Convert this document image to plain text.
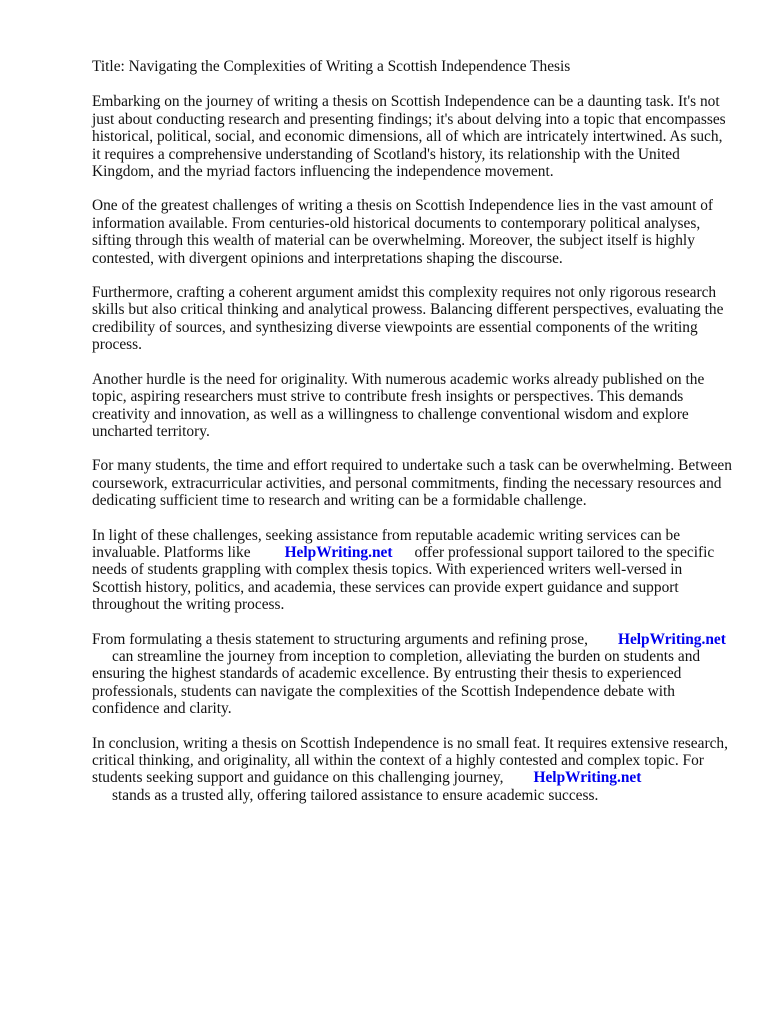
Title: Navigating the Complexities of Writing a Scottish Independence Thesis

Embarking on the journey of writing a thesis on Scottish Independence can be a daunting task. It's not just about conducting research and presenting findings; it's about delving into a topic that encompasses historical, political, social, and economic dimensions, all of which are intricately intertwined. As such, it requires a comprehensive understanding of Scotland's history, its relationship with the United Kingdom, and the myriad factors influencing the independence movement.

One of the greatest challenges of writing a thesis on Scottish Independence lies in the vast amount of information available. From centuries-old historical documents to contemporary political analyses, sifting through this wealth of material can be overwhelming. Moreover, the subject itself is highly contested, with divergent opinions and interpretations shaping the discourse.

Furthermore, crafting a coherent argument amidst this complexity requires not only rigorous research skills but also critical thinking and analytical prowess. Balancing different perspectives, evaluating the credibility of sources, and synthesizing diverse viewpoints are essential components of the writing process.

Another hurdle is the need for originality. With numerous academic works already published on the topic, aspiring researchers must strive to contribute fresh insights or perspectives. This demands creativity and innovation, as well as a willingness to challenge conventional wisdom and explore uncharted territory.

For many students, the time and effort required to undertake such a task can be overwhelming. Between coursework, extracurricular activities, and personal commitments, finding the necessary resources and dedicating sufficient time to research and writing can be a formidable challenge.

In light of these challenges, seeking assistance from reputable academic writing services can be invaluable. Platforms like HelpWriting.net offer professional support tailored to the specific needs of students grappling with complex thesis topics. With experienced writers well-versed in Scottish history, politics, and academia, these services can provide expert guidance and support throughout the writing process.

From formulating a thesis statement to structuring arguments and refining prose, HelpWriting.net
can streamline the journey from inception to completion, alleviating the burden on students and ensuring the highest standards of academic excellence. By entrusting their thesis to experienced professionals, students can navigate the complexities of the Scottish Independence debate with confidence and clarity.

In conclusion, writing a thesis on Scottish Independence is no small feat. It requires extensive research, critical thinking, and originality, all within the context of a highly contested and complex topic. For students seeking support and guidance on this challenging journey, HelpWriting.net
stands as a trusted ally, offering tailored assistance to ensure academic success.
